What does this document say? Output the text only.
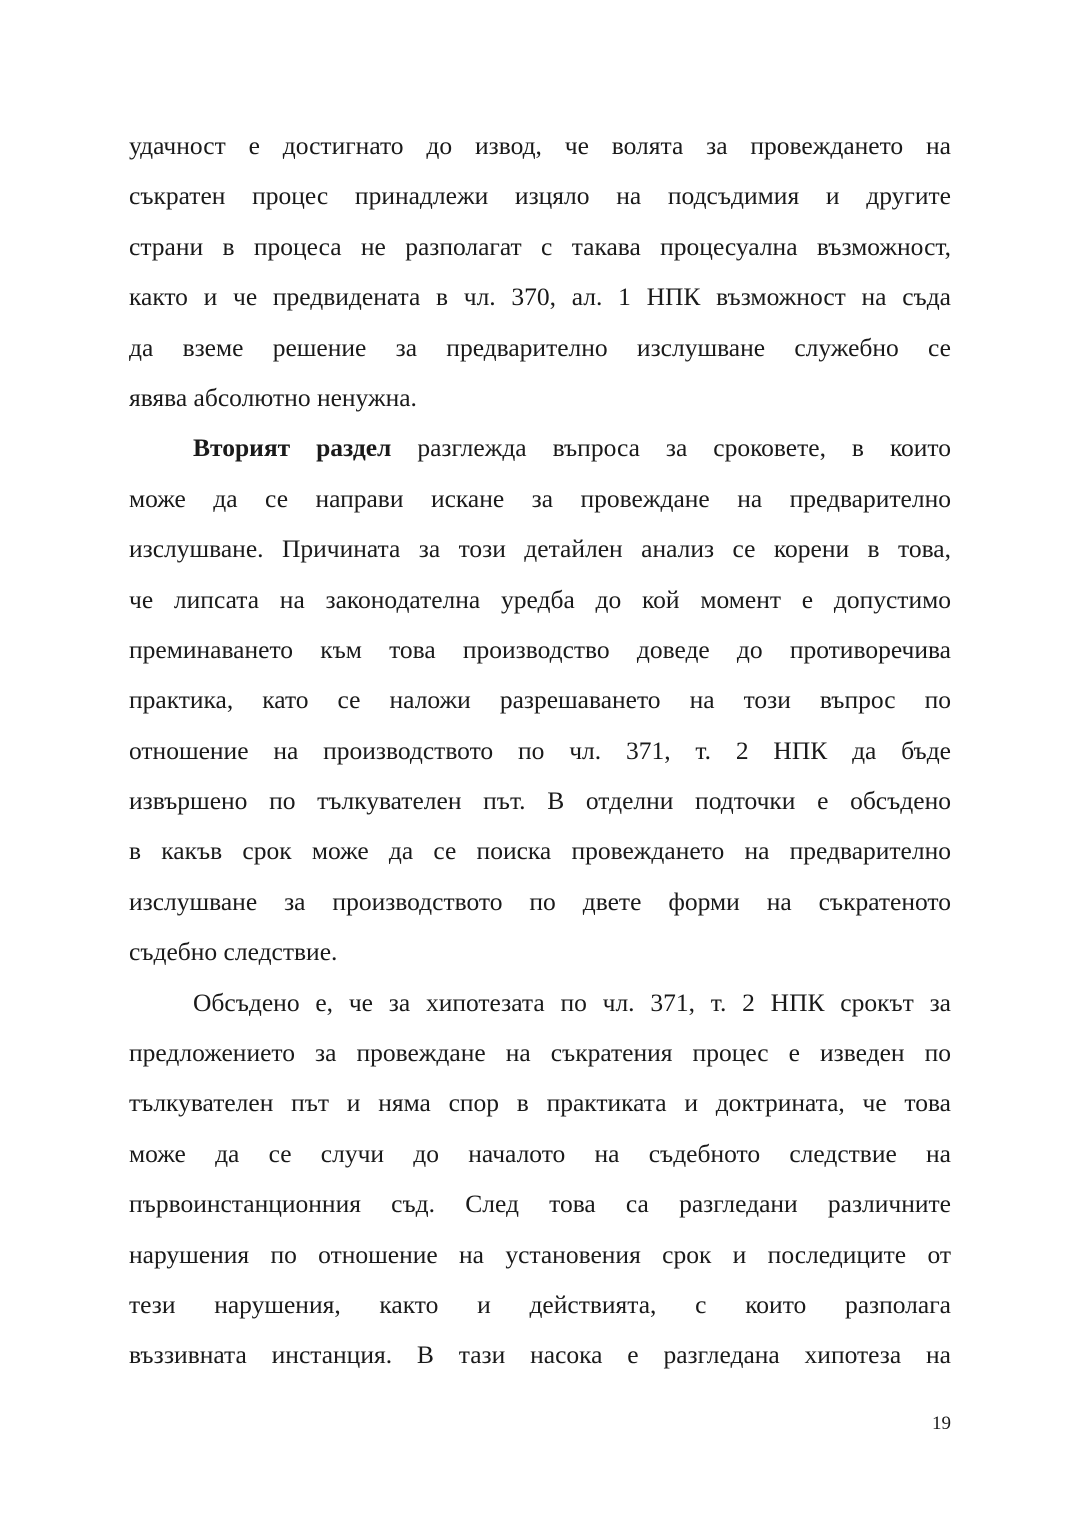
удачност е достигнато до извод, че волята за провеждането на
съкратен процес принадлежи изцяло на подсъдимия и другите
страни в процеса не разполагат с такава процесуална възможност,
както и че предвидената в чл. 370, ал. 1 НПК възможност на съда
да вземе решение за предварително изслушване служебно се
явява абсолютно ненужна.
Вторият раздел разглежда въпроса за сроковете, в които
може да се направи искане за провеждане на предварително
изслушване. Причината за този детайлен анализ се корени в това,
че липсата на законодателна уредба до кой момент е допустимо
преминаването към това производство доведе до противоречива
практика, като се наложи разрешаването на този въпрос по
отношение на производството по чл. 371, т. 2 НПК да бъде
извършено по тълкувателен път. В отделни подточки е обсъдено
в какъв срок може да се поиска провеждането на предварително
изслушване за производството по двете форми на съкратеното
съдебно следствие.
Обсъдено е, че за хипотезата по чл. 371, т. 2 НПК срокът за
предложението за провеждане на съкратения процес е изведен по
тълкувателен път и няма спор в практиката и доктрината, че това
може да се случи до началото на съдебното следствие на
първоинстанционния съд. След това са разгледани различните
нарушения по отношение на установения срок и последиците от
тези нарушения, както и действията, с които разполага
въззивната инстанция. В тази насока е разгледана хипотеза на
19
